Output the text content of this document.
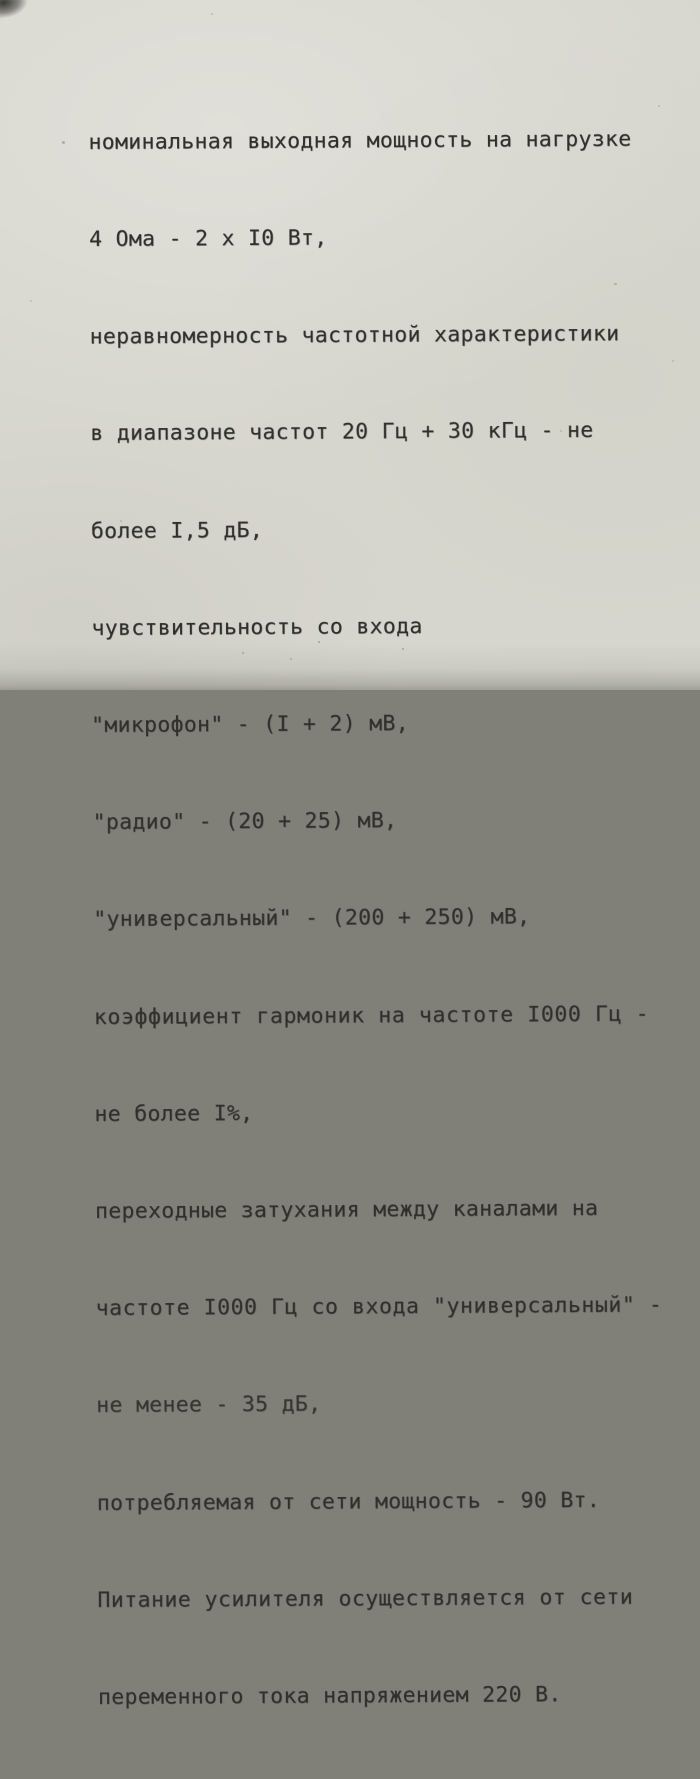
номинальная выходная мощность на нагрузке

4 Ома - 2 х I0 Вт,

неравномерность частотной характеристики

в диапазоне частот 20 Гц + 30 кГц - не

более I,5 дБ,

чувствительность со входа

"микрофон" - (I + 2) мВ,

"радио" - (20 + 25) мВ,

"универсальный" - (200 + 250) мВ,

коэффициент гармоник на частоте I000 Гц -

не более I%,

переходные затухания между каналами на

частоте I000 Гц со входа "универсальный" -

не менее - 35 дБ,

потребляемая от сети мощность - 90 Вт.

Питание усилителя осуществляется от сети

переменного тока напряжением 220 В.
